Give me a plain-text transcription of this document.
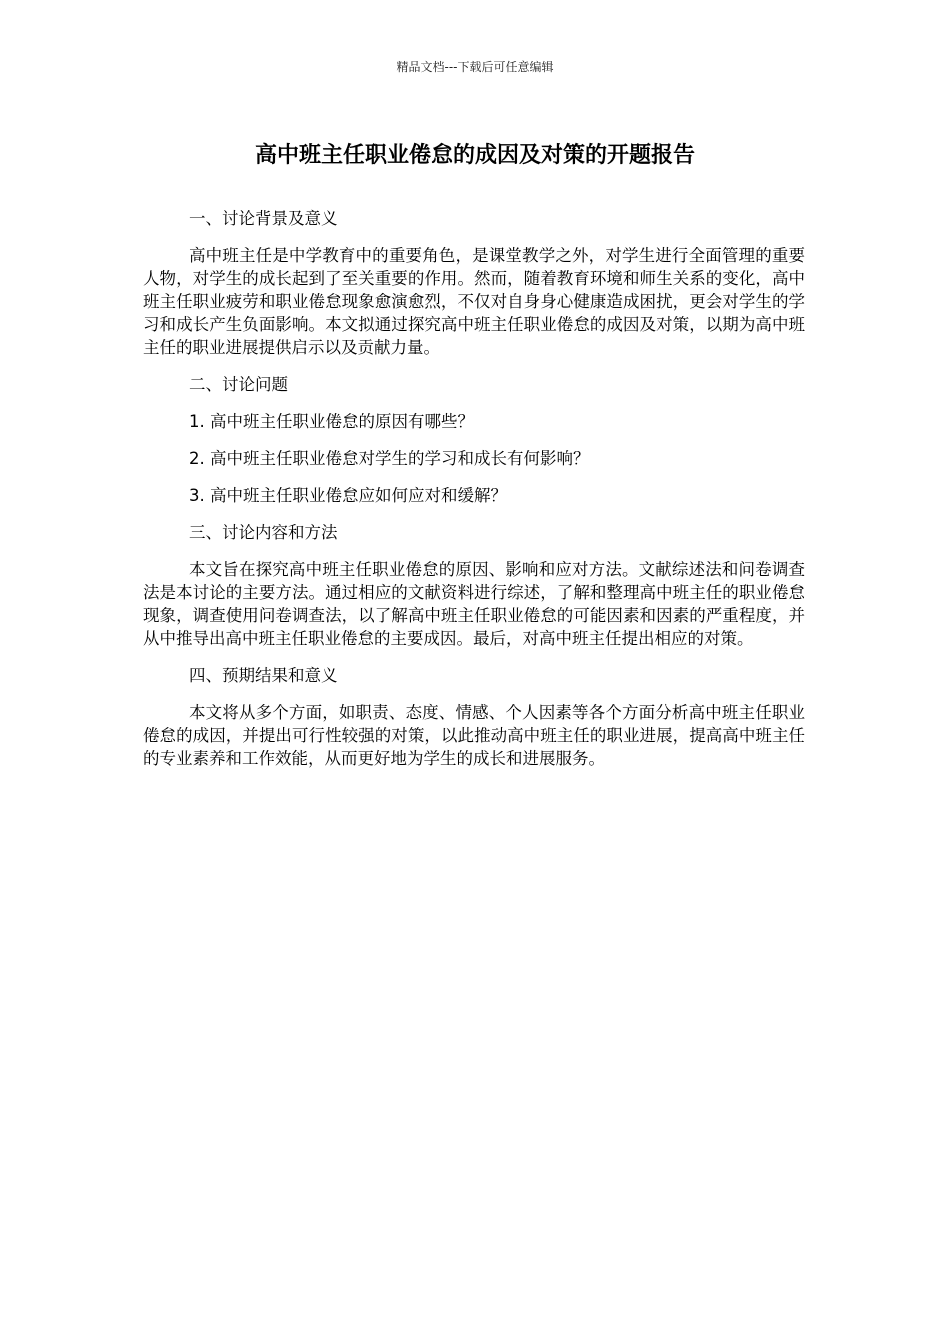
精品文档---下载后可任意编辑
高中班主任职业倦怠的成因及对策的开题报告

一、讨论背景及意义

高中班主任是中学教育中的重要角色，是课堂教学之外，对学生进行全面管理的重要人物，对学生的成长起到了至关重要的作用。然而，随着教育环境和师生关系的变化，高中班主任职业疲劳和职业倦怠现象愈演愈烈，不仅对自身身心健康造成困扰，更会对学生的学习和成长产生负面影响。本文拟通过探究高中班主任职业倦怠的成因及对策，以期为高中班主任的职业进展提供启示以及贡献力量。

二、讨论问题

1. 高中班主任职业倦怠的原因有哪些？

2. 高中班主任职业倦怠对学生的学习和成长有何影响？

3. 高中班主任职业倦怠应如何应对和缓解？

三、讨论内容和方法

本文旨在探究高中班主任职业倦怠的原因、影响和应对方法。文献综述法和问卷调查法是本讨论的主要方法。通过相应的文献资料进行综述，了解和整理高中班主任的职业倦怠现象，调查使用问卷调查法，以了解高中班主任职业倦怠的可能因素和因素的严重程度，并从中推导出高中班主任职业倦怠的主要成因。最后，对高中班主任提出相应的对策。

四、预期结果和意义

本文将从多个方面，如职责、态度、情感、个人因素等各个方面分析高中班主任职业倦怠的成因，并提出可行性较强的对策，以此推动高中班主任的职业进展，提高高中班主任的专业素养和工作效能，从而更好地为学生的成长和进展服务。
